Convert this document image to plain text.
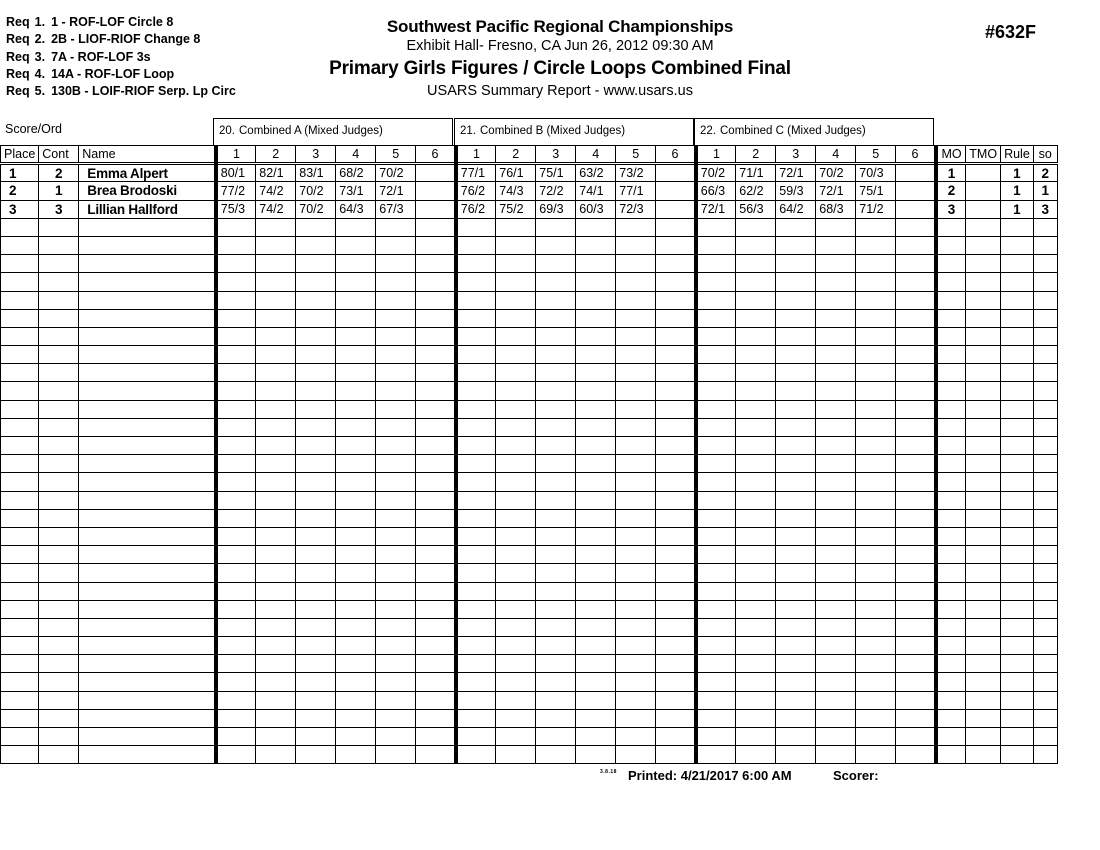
Req 1. 1 - ROF-LOF Circle 8
Req 2. 2B - LIOF-RIOF Change 8
Req 3. 7A - ROF-LOF 3s
Req 4. 14A - ROF-LOF Loop
Req 5. 130B - LOIF-RIOF Serp. Lp Circ
Southwest Pacific Regional Championships
Exhibit Hall- Fresno, CA Jun 26, 2012 09:30 AM
Primary Girls Figures / Circle Loops Combined Final
USARS Summary Report - www.usars.us
#632F
Score/Ord	20. Combined A (Mixed Judges)	21. Combined B (Mixed Judges)	22. Combined C (Mixed Judges)
Place	Cont	Name	1	2	3	4	5	6	1	2	3	4	5	6	1	2	3	4	5	6	MO	TMO	Rule	so
1	2	Emma Alpert	80/1	82/1	83/1	68/2	70/2		77/1	76/1	75/1	63/2	73/2		70/2	71/1	72/1	70/2	70/3		1		1	2
2	1	Brea Brodoski	77/2	74/2	70/2	73/1	72/1		76/2	74/3	72/2	74/1	77/1		66/3	62/2	59/3	72/1	75/1		2		1	1
3	3	Lillian Hallford	75/3	74/2	70/2	64/3	67/3		76/2	75/2	69/3	60/3	72/3		72/1	56/3	64/2	68/3	71/2		3		1	3

3.8.18 Printed: 4/21/2017 6:00 AM	Scorer:
